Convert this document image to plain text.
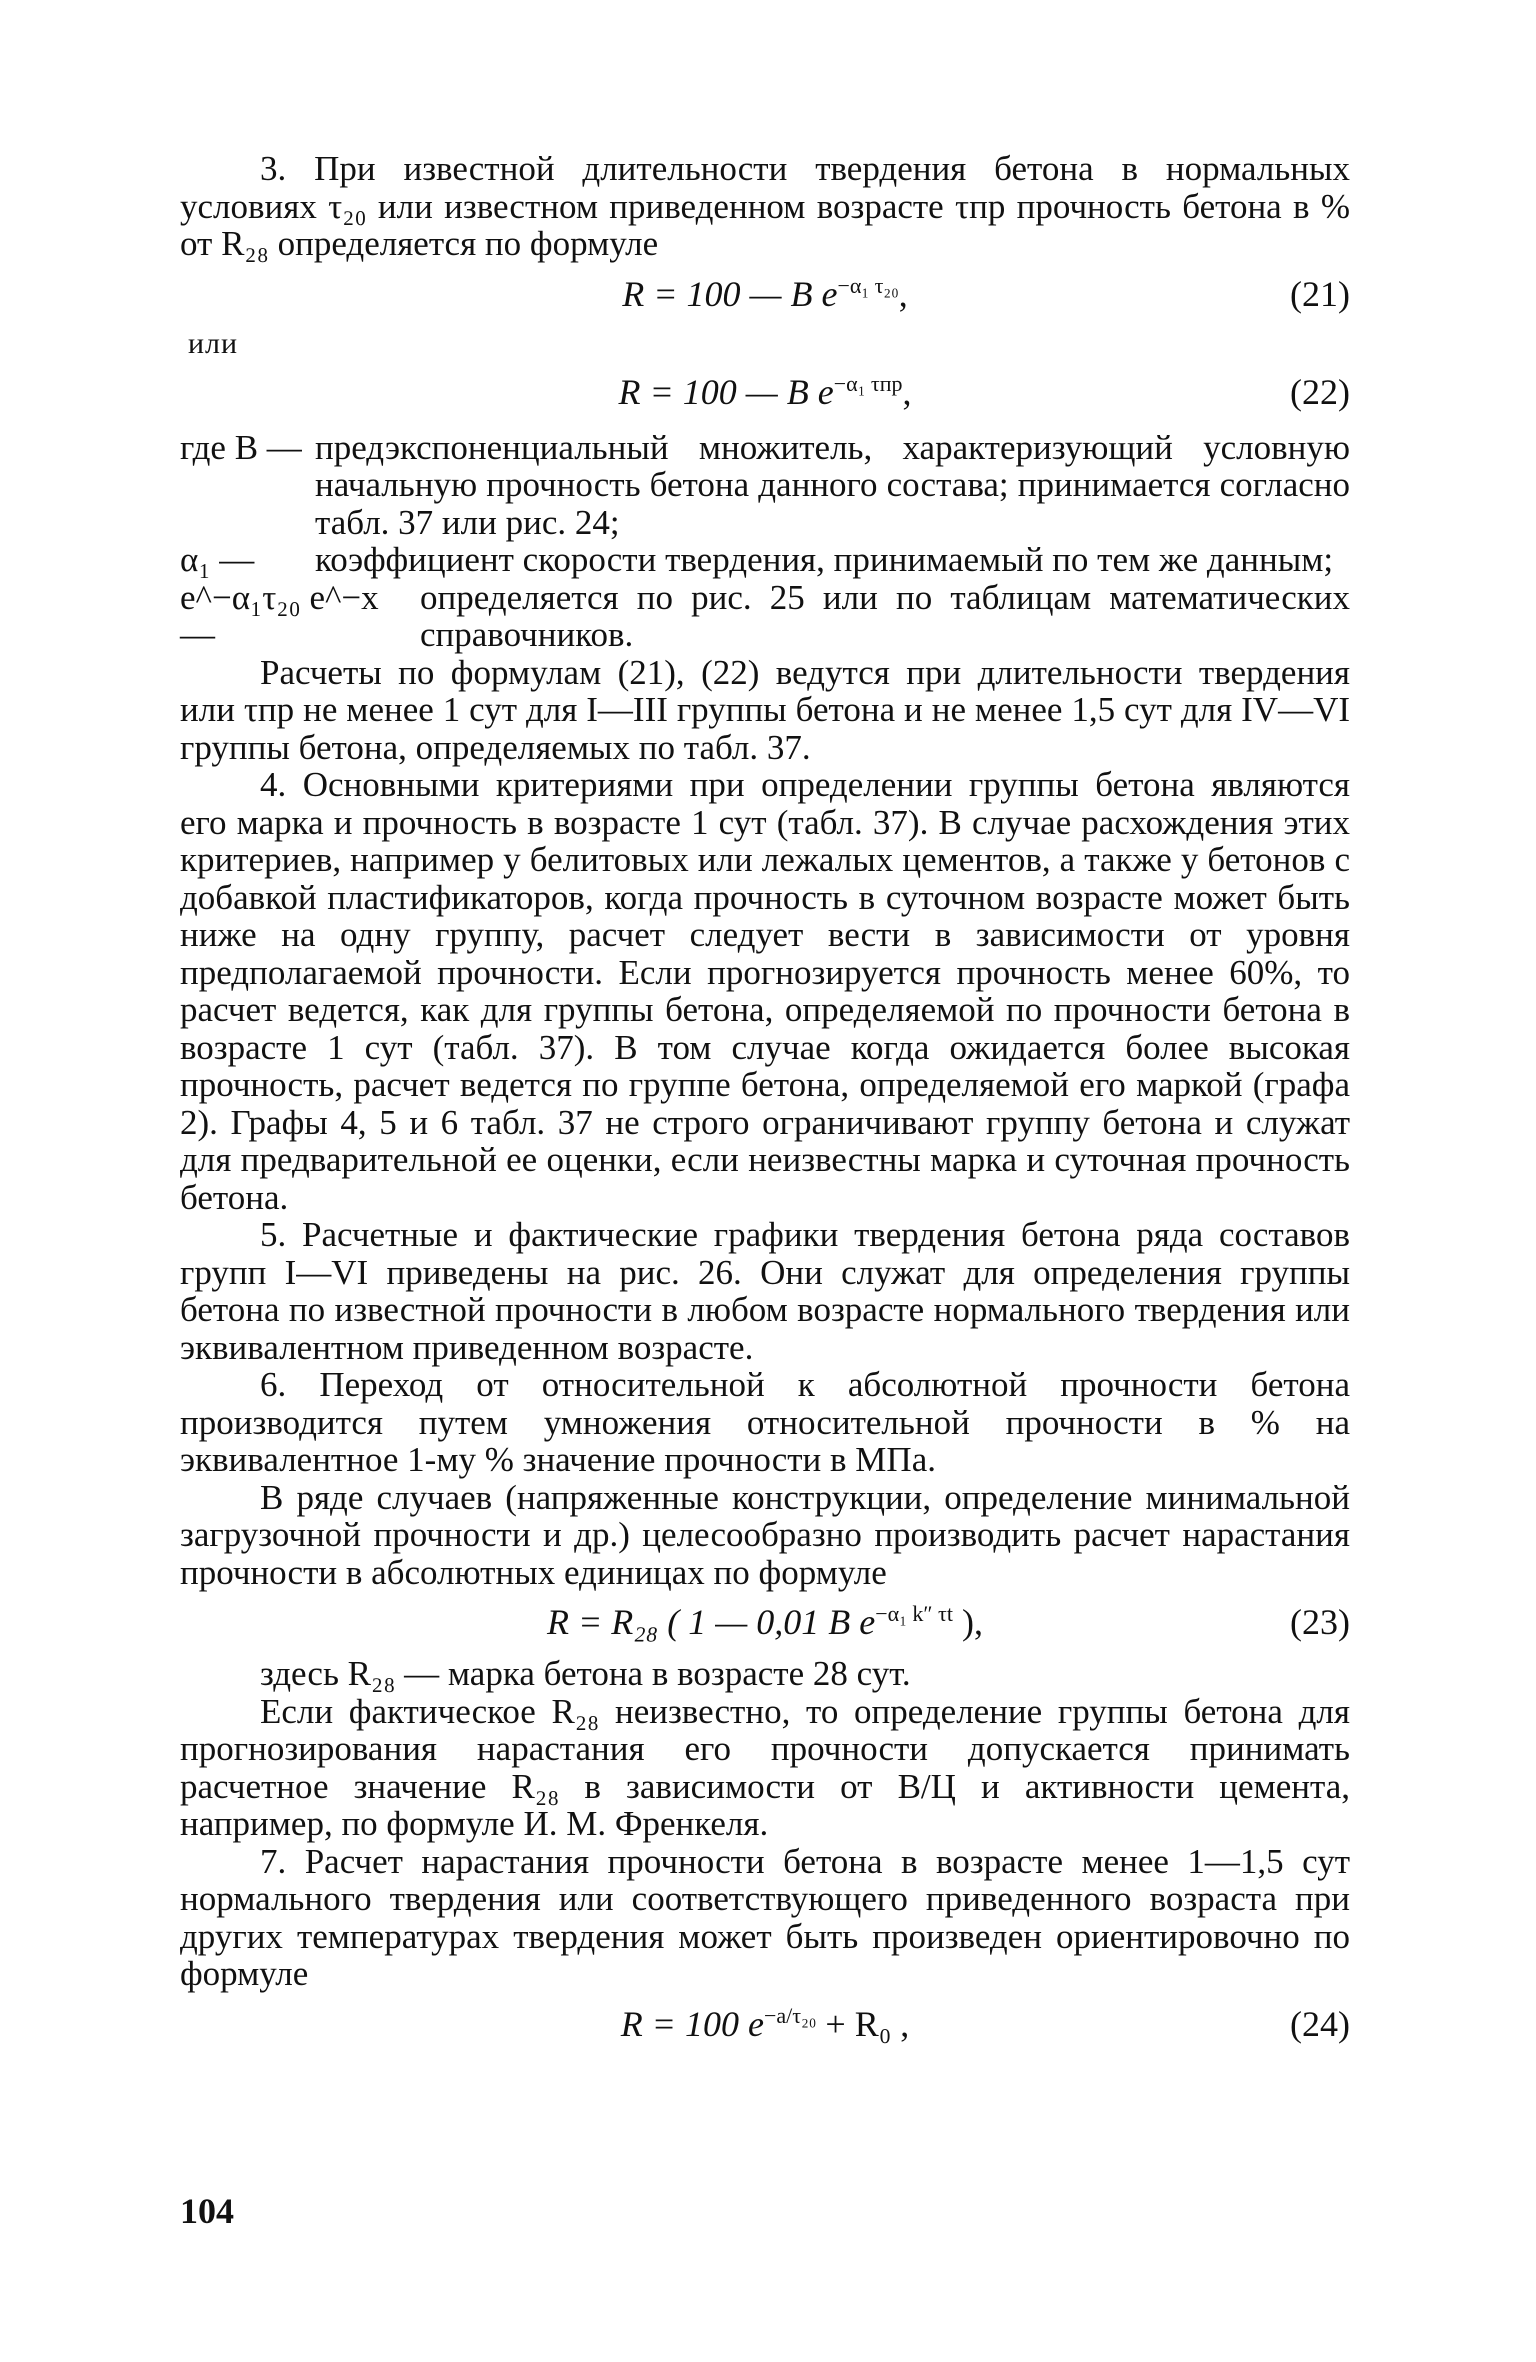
3. При известной длительности твердения бетона в нормальных условиях τ₂₀ или известном приведенном возрасте τпр прочность бетона в % от R₂₈ определяется по формуле

R = 100 — B $e^{-\alpha_1 \tau_{20}}$,	(21)
или
R = 100 — B $e^{-\alpha_1 \tau пр}$,	(22)
где B — предэкспоненциальный множитель, характеризующий условную начальную прочность бетона данного состава; принимается согласно табл. 37 или рис. 24;
α₁ —	коэффициент скорости твердения, принимаемый по тем же данным;
e^−α₁τ₂₀ e^−x —
определяется по рис. 25 или по таблицам математических справочников.

Расчеты по формулам (21), (22) ведутся при длительности твердения или τпр не менее 1 сут для I—III группы бетона и не менее 1,5 сут для IV—VI группы бетона, определяемых по табл. 37.

4. Основными критериями при определении группы бетона являются его марка и прочность в возрасте 1 сут (табл. 37). В случае расхождения этих критериев, например у белитовых или лежалых цементов, а также у бетонов с добавкой пластификаторов, когда прочность в суточном возрасте может быть ниже на одну группу, расчет следует вести в зависимости от уровня предполагаемой прочности. Если прогнозируется прочность менее 60%, то расчет ведется, как для группы бетона, определяемой по прочности бетона в возрасте 1 сут (табл. 37). В том случае когда ожидается более высокая прочность, расчет ведется по группе бетона, определяемой его маркой (графа 2). Графы 4, 5 и 6 табл. 37 не строго ограничивают группу бетона и служат для предварительной ее оценки, если неизвестны марка и суточная прочность бетона.

5. Расчетные и фактические графики твердения бетона ряда составов групп I—VI приведены на рис. 26. Они служат для определения группы бетона по известной прочности в любом возрасте нормального твердения или эквивалентном приведенном возрасте.

6. Переход от относительной к абсолютной прочности бетона производится путем умножения относительной прочности в % на эквивалентное 1-му % значение прочности в МПа.

В ряде случаев (напряженные конструкции, определение минимальной загрузочной прочности и др.) целесообразно производить расчет нарастания прочности в абсолютных единицах по формуле

R = R₂₈ ( 1 — 0,01 B $e^{-\alpha_1 k'' \tau t}$ ),	(23)

здесь R₂₈ — марка бетона в возрасте 28 сут.

Если фактическое R₂₈ неизвестно, то определение группы бетона для прогнозирования нарастания его прочности допускается принимать расчетное значение R₂₈ в зависимости от В/Ц и активности цемента, например, по формуле И. М. Френкеля.

7. Расчет нарастания прочности бетона в возрасте менее 1—1,5 сут нормального твердения или соответствующего приведенного возраста при других температурах твердения может быть произведен ориентировочно по формуле

R = 100 $e^{-a/\tau_{20}} + R_0$ ,	(24)
104
